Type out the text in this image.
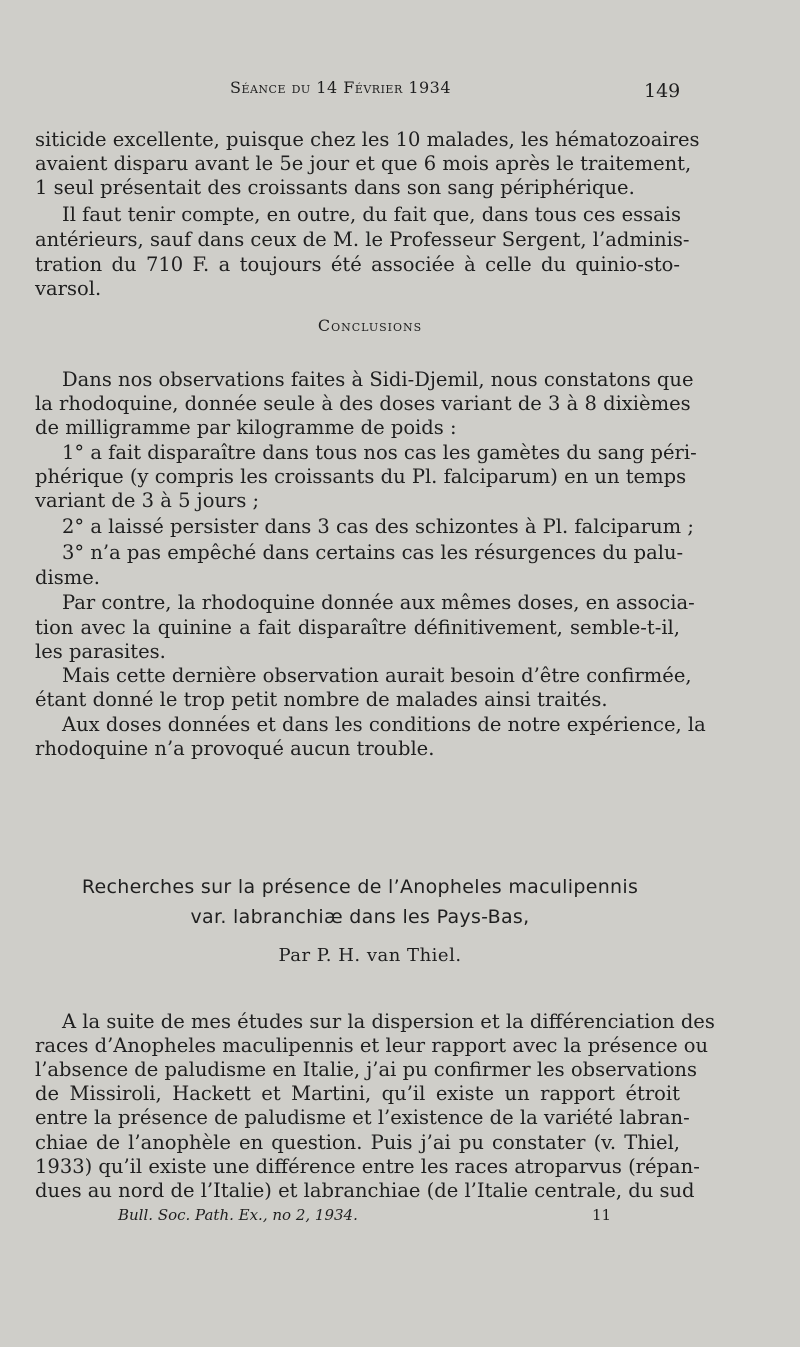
Séance du 14 Février 1934	149
siticide excellente, puisque chez les 10 malades, les hématozoaires
avaient disparu avant le 5e jour et que 6 mois après le traitement,
1 seul présentait des croissants dans son sang périphérique.
Il faut tenir compte, en outre, du fait que, dans tous ces essais
antérieurs, sauf dans ceux de M. le Professeur Sergent, l’adminis-
tration du 710 F. a toujours été associée à celle du quinio-sto-
varsol.
Conclusions
Dans nos observations faites à Sidi-Djemil, nous constatons que
la rhodoquine, donnée seule à des doses variant de 3 à 8 dixièmes
de milligramme par kilogramme de poids :
1° a fait disparaître dans tous nos cas les gamètes du sang péri-
phérique (y compris les croissants du Pl. falciparum) en un temps
variant de 3 à 5 jours ;
2° a laissé persister dans 3 cas des schizontes à Pl. falciparum ;
3° n’a pas empêché dans certains cas les résurgences du palu-
disme.
Par contre, la rhodoquine donnée aux mêmes doses, en associa-
tion avec la quinine a fait disparaître définitivement, semble-t-il,
les parasites.
Mais cette dernière observation aurait besoin d’être confirmée,
étant donné le trop petit nombre de malades ainsi traités.
Aux doses données et dans les conditions de notre expérience, la
rhodoquine n’a provoqué aucun trouble.
Recherches sur la présence de l’Anopheles maculipennis
var. labranchiæ dans les Pays-Bas,
Par P. H. van Thiel.
A la suite de mes études sur la dispersion et la différenciation des
races d’Anopheles maculipennis et leur rapport avec la présence ou
l’absence de paludisme en Italie, j’ai pu confirmer les observations
de Missiroli, Hackett et Martini, qu’il existe un rapport étroit
entre la présence de paludisme et l’existence de la variété labran-
chiae de l’anophèle en question. Puis j’ai pu constater (v. Thiel,
1933) qu’il existe une différence entre les races atroparvus (répan-
dues au nord de l’Italie) et labranchiae (de l’Italie centrale, du sud
Bull. Soc. Path. Ex., no 2, 1934.	11
